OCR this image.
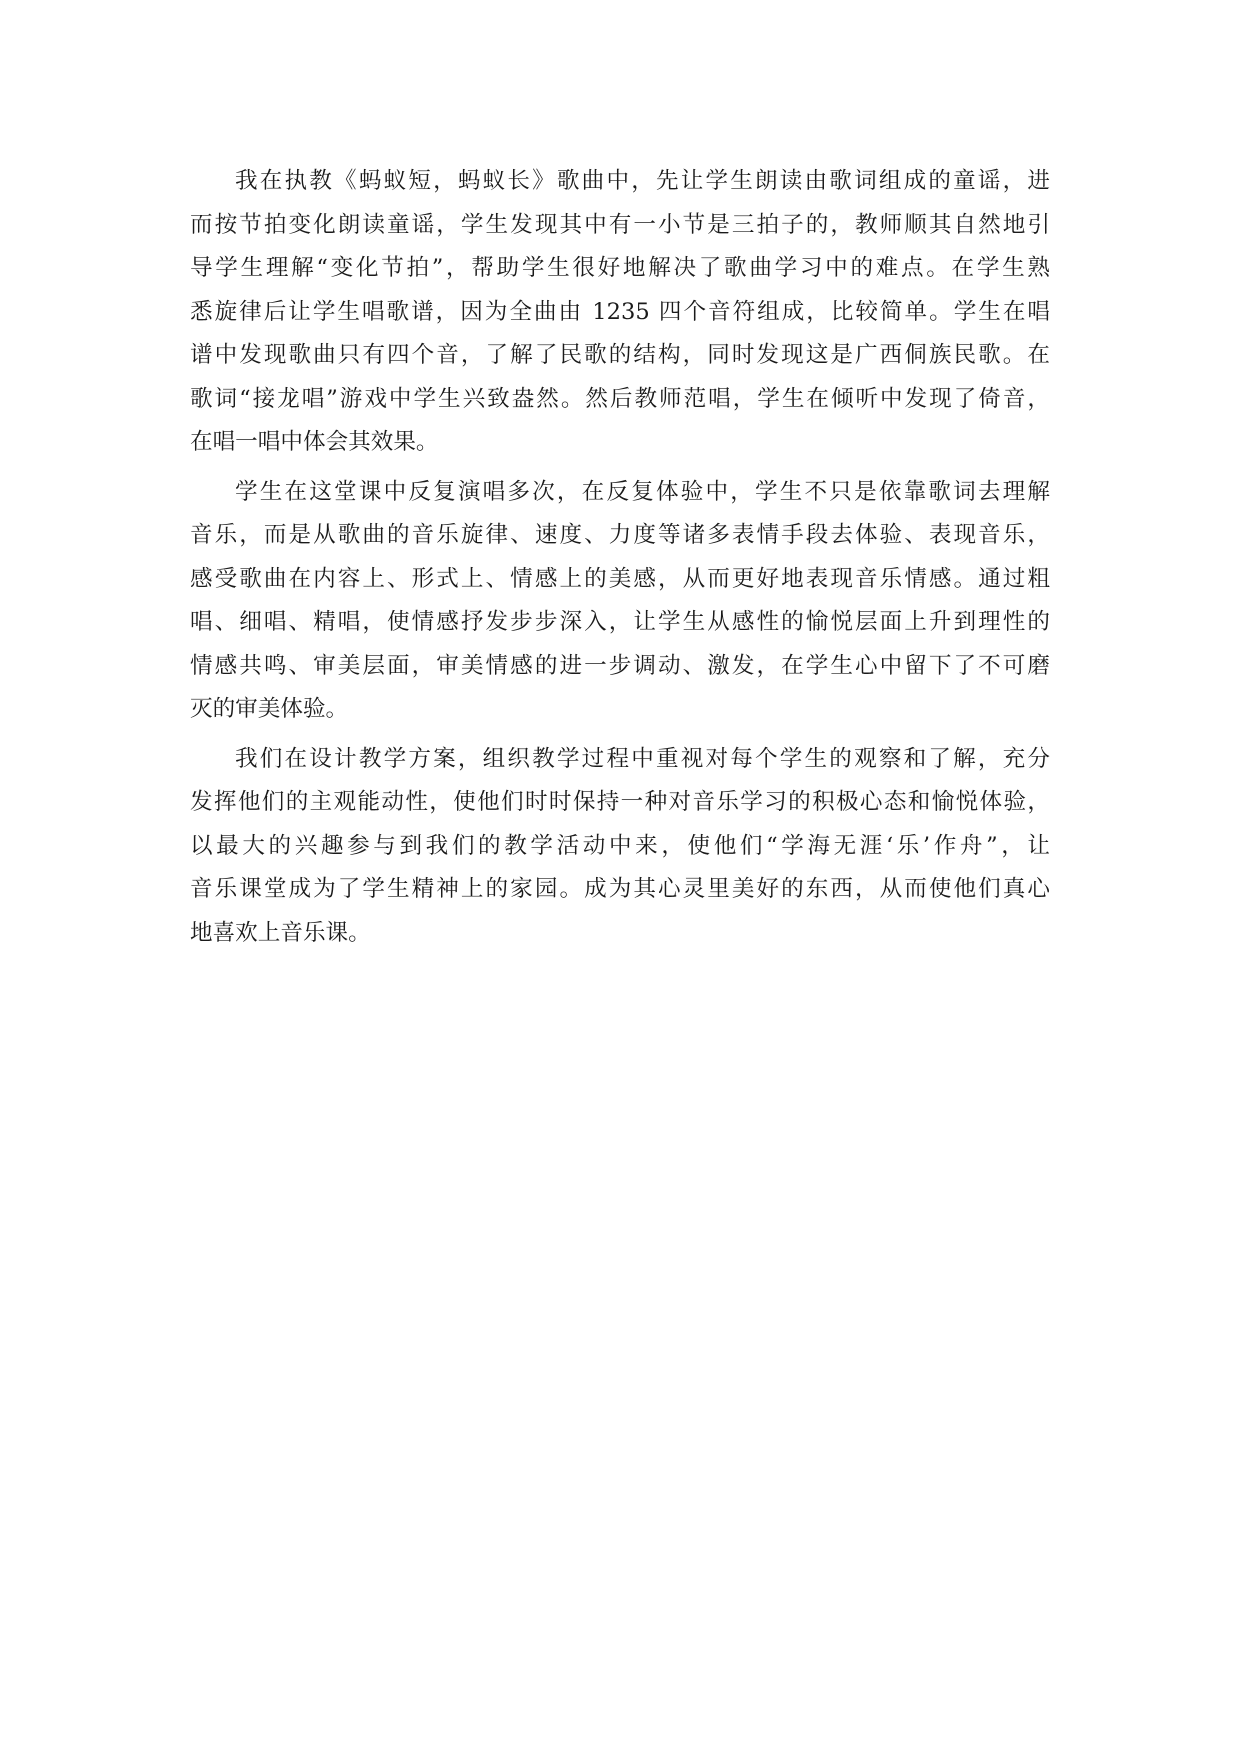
我在执教《蚂蚁短，蚂蚁长》歌曲中，先让学生朗读由歌词组成的童谣，进
而按节拍变化朗读童谣，学生发现其中有一小节是三拍子的，教师顺其自然地引
导学生理解“变化节拍”，帮助学生很好地解决了歌曲学习中的难点。在学生熟
悉旋律后让学生唱歌谱，因为全曲由 1235 四个音符组成，比较简单。学生在唱
谱中发现歌曲只有四个音，了解了民歌的结构，同时发现这是广西侗族民歌。在
歌词“接龙唱”游戏中学生兴致盎然。然后教师范唱，学生在倾听中发现了倚音，
在唱一唱中体会其效果。
学生在这堂课中反复演唱多次，在反复体验中，学生不只是依靠歌词去理解
音乐，而是从歌曲的音乐旋律、速度、力度等诸多表情手段去体验、表现音乐，
感受歌曲在内容上、形式上、情感上的美感，从而更好地表现音乐情感。通过粗
唱、细唱、精唱，使情感抒发步步深入，让学生从感性的愉悦层面上升到理性的
情感共鸣、审美层面，审美情感的进一步调动、激发，在学生心中留下了不可磨
灭的审美体验。
我们在设计教学方案，组织教学过程中重视对每个学生的观察和了解，充分
发挥他们的主观能动性，使他们时时保持一种对音乐学习的积极心态和愉悦体验，
以最大的兴趣参与到我们的教学活动中来，使他们“学海无涯‘乐’作舟”，让
音乐课堂成为了学生精神上的家园。成为其心灵里美好的东西，从而使他们真心
地喜欢上音乐课。
